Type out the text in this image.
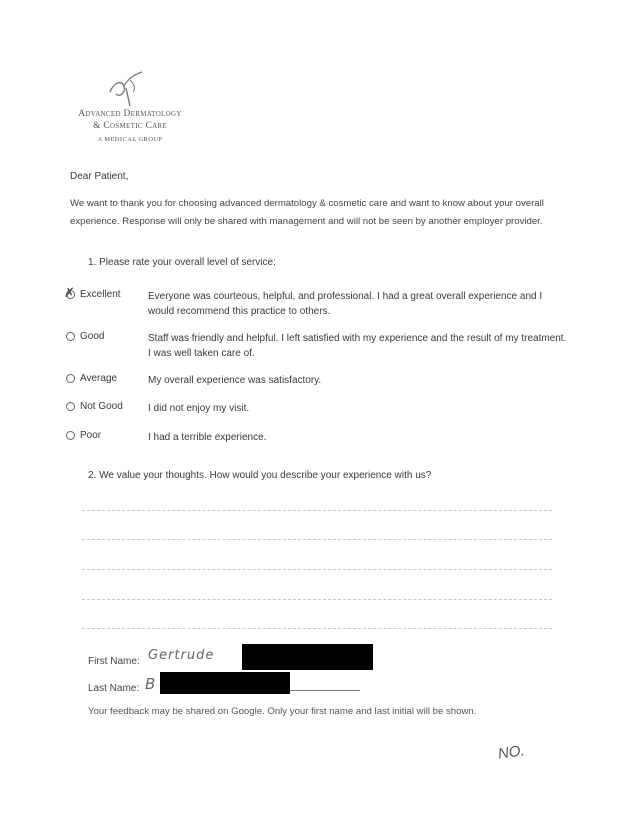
Advanced Dermatology
& Cosmetic Care
A MEDICAL GROUP
Dear Patient,
We want to thank you for choosing advanced dermatology & cosmetic care and want to know about your overall experience. Response will only be shared with management and will not be seen by another employer provider.
1. Please rate your overall level of service:
✗ Excellent	Everyone was courteous, helpful, and professional. I had a great overall experience and I would recommend this practice to others.
Good	Staff was friendly and helpful. I left satisfied with my experience and the result of my treatment. I was well taken care of.
Average	My overall experience was satisfactory.
Not Good	I did not enjoy my visit.
Poor	I had a terrible experience.
2. We value your thoughts. How would you describe your experience with us?
First Name: Gertrude
Last Name: B
Your feedback may be shared on Google. Only your first name and last initial will be shown.
NO.
